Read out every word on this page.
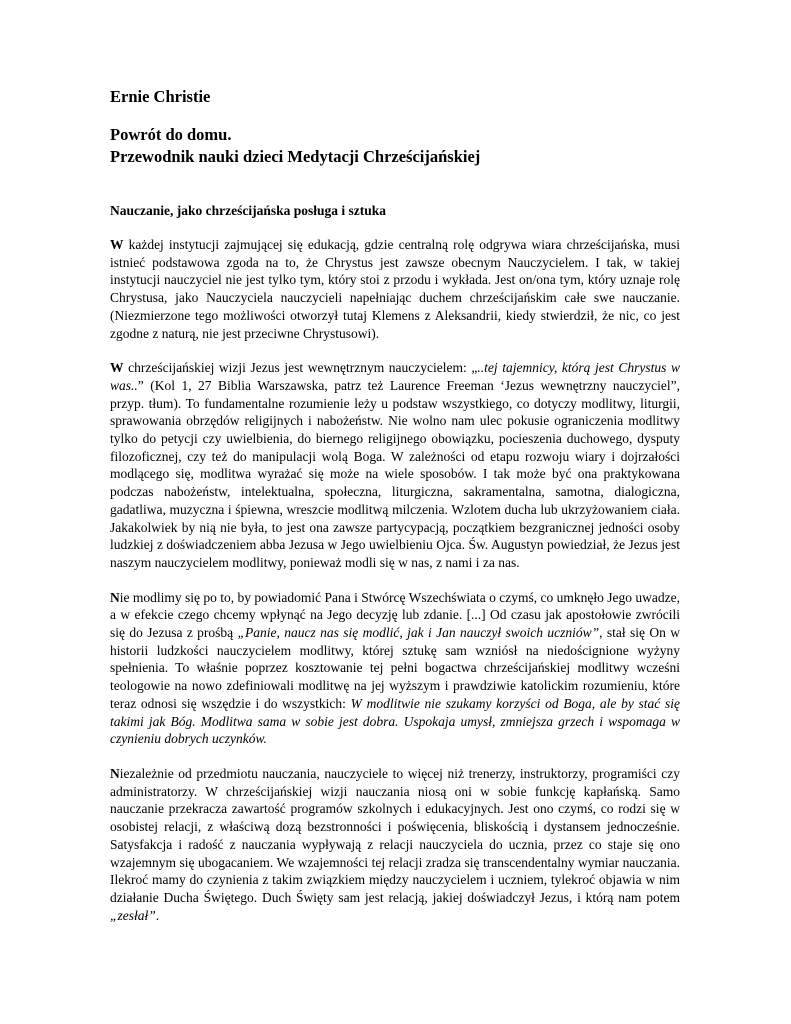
Ernie Christie
Powrót do domu.
Przewodnik nauki dzieci Medytacji Chrześcijańskiej
Nauczanie, jako chrześcijańska posługa i sztuka

W każdej instytucji zajmującej się edukacją, gdzie centralną rolę odgrywa wiara chrześcijańska, musi istnieć podstawowa zgoda na to, że Chrystus jest zawsze obecnym Nauczycielem. I tak, w takiej instytucji nauczyciel nie jest tylko tym, który stoi z przodu i wykłada. Jest on/ona tym, który uznaje rolę Chrystusa, jako Nauczyciela nauczycieli napełniając duchem chrześcijańskim całe swe nauczanie. (Niezmierzone tego możliwości otworzył tutaj Klemens z Aleksandrii, kiedy stwierdził, że nic, co jest zgodne z naturą, nie jest przeciwne Chrystusowi).

W chrześcijańskiej wizji Jezus jest wewnętrznym nauczycielem: „..tej tajemnicy, którą jest Chrystus w was..” (Kol 1, 27 Biblia Warszawska, patrz też Laurence Freeman ‘Jezus wewnętrzny nauczyciel”, przyp. tłum). To fundamentalne rozumienie leży u podstaw wszystkiego, co dotyczy modlitwy, liturgii, sprawowania obrzędów religijnych i nabożeństw. Nie wolno nam ulec pokusie ograniczenia modlitwy tylko do petycji czy uwielbienia, do biernego religijnego obowiązku, pocieszenia duchowego, dysputy filozoficznej, czy też do manipulacji wolą Boga. W zależności od etapu rozwoju wiary i dojrzałości modlącego się, modlitwa wyrażać się może na wiele sposobów. I tak może być ona praktykowana podczas nabożeństw, intelektualna, społeczna, liturgiczna, sakramentalna, samotna, dialogiczna, gadatliwa, muzyczna i śpiewna, wreszcie modlitwą milczenia. Wzlotem ducha lub ukrzyżowaniem ciała. Jakakolwiek by nią nie była, to jest ona zawsze partycypacją, początkiem bezgranicznej jedności osoby ludzkiej z doświadczeniem abba Jezusa w Jego uwielbieniu Ojca. Św. Augustyn powiedział, że Jezus jest naszym nauczycielem modlitwy, ponieważ modli się w nas, z nami i za nas.

Nie modlimy się po to, by powiadomić Pana i Stwórcę Wszechświata o czymś, co umknęło Jego uwadze, a w efekcie czego chcemy wpłynąć na Jego decyzję lub zdanie. [...] Od czasu jak apostołowie zwrócili się do Jezusa z prośbą „Panie, naucz nas się modlić, jak i Jan nauczył swoich uczniów”, stał się On w historii ludzkości nauczycielem modlitwy, której sztukę sam wzniósł na niedoścignione wyżyny spełnienia. To właśnie poprzez kosztowanie tej pełni bogactwa chrześcijańskiej modlitwy wcześni teologowie na nowo zdefiniowali modlitwę na jej wyższym i prawdziwie katolickim rozumieniu, które teraz odnosi się wszędzie i do wszystkich: W modlitwie nie szukamy korzyści od Boga, ale by stać się takimi jak Bóg. Modlitwa sama w sobie jest dobra. Uspokaja umysł, zmniejsza grzech i wspomaga w czynieniu dobrych uczynków.

Niezależnie od przedmiotu nauczania, nauczyciele to więcej niż trenerzy, instruktorzy, programiści czy administratorzy. W chrześcijańskiej wizji nauczania niosą oni w sobie funkcję kapłańską. Samo nauczanie przekracza zawartość programów szkolnych i edukacyjnych. Jest ono czymś, co rodzi się w osobistej relacji, z właściwą dozą bezstronności i poświęcenia, bliskością i dystansem jednocześnie. Satysfakcja i radość z nauczania wypływają z relacji nauczyciela do ucznia, przez co staje się ono wzajemnym się ubogacaniem. We wzajemności tej relacji zradza się transcendentalny wymiar nauczania. Ilekroć mamy do czynienia z takim związkiem między nauczycielem i uczniem, tylekroć objawia w nim działanie Ducha Świętego. Duch Święty sam jest relacją, jakiej doświadczył Jezus, i którą nam potem „zesłał”.
